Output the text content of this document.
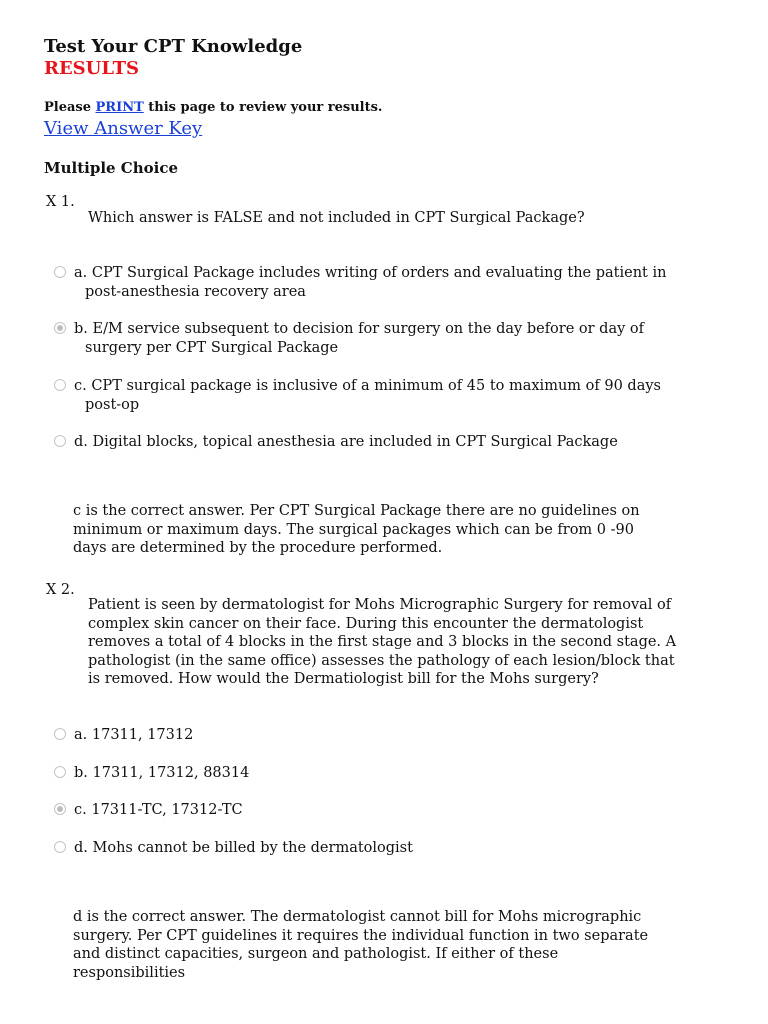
Test Your CPT Knowledge
RESULTS
Please PRINT this page to review your results.
View Answer Key
Multiple Choice
X 1.
Which answer is FALSE and not included in CPT Surgical Package?
a. CPT Surgical Package includes writing of orders and evaluating the patient in
post-anesthesia recovery area
b. E/M service subsequent to decision for surgery on the day before or day of
surgery per CPT Surgical Package
c. CPT surgical package is inclusive of a minimum of 45 to maximum of 90 days
post-op
d. Digital blocks, topical anesthesia are included in CPT Surgical Package
c is the correct answer. Per CPT Surgical Package there are no guidelines on minimum or maximum days. The surgical packages which can be from 0 -90 days are determined by the procedure performed.
X 2.
Patient is seen by dermatologist for Mohs Micrographic Surgery for removal of complex skin cancer on their face. During this encounter the dermatologist removes a total of 4 blocks in the first stage and 3 blocks in the second stage. A pathologist (in the same office) assesses the pathology of each lesion/block that is removed. How would the Dermatiologist bill for the Mohs surgery?
a. 17311, 17312
b. 17311, 17312, 88314
c. 17311-TC, 17312-TC
d. Mohs cannot be billed by the dermatologist
d is the correct answer. The dermatologist cannot bill for Mohs micrographic surgery. Per CPT guidelines it requires the individual function in two separate and distinct capacities, surgeon and pathologist. If either of these responsibilities
